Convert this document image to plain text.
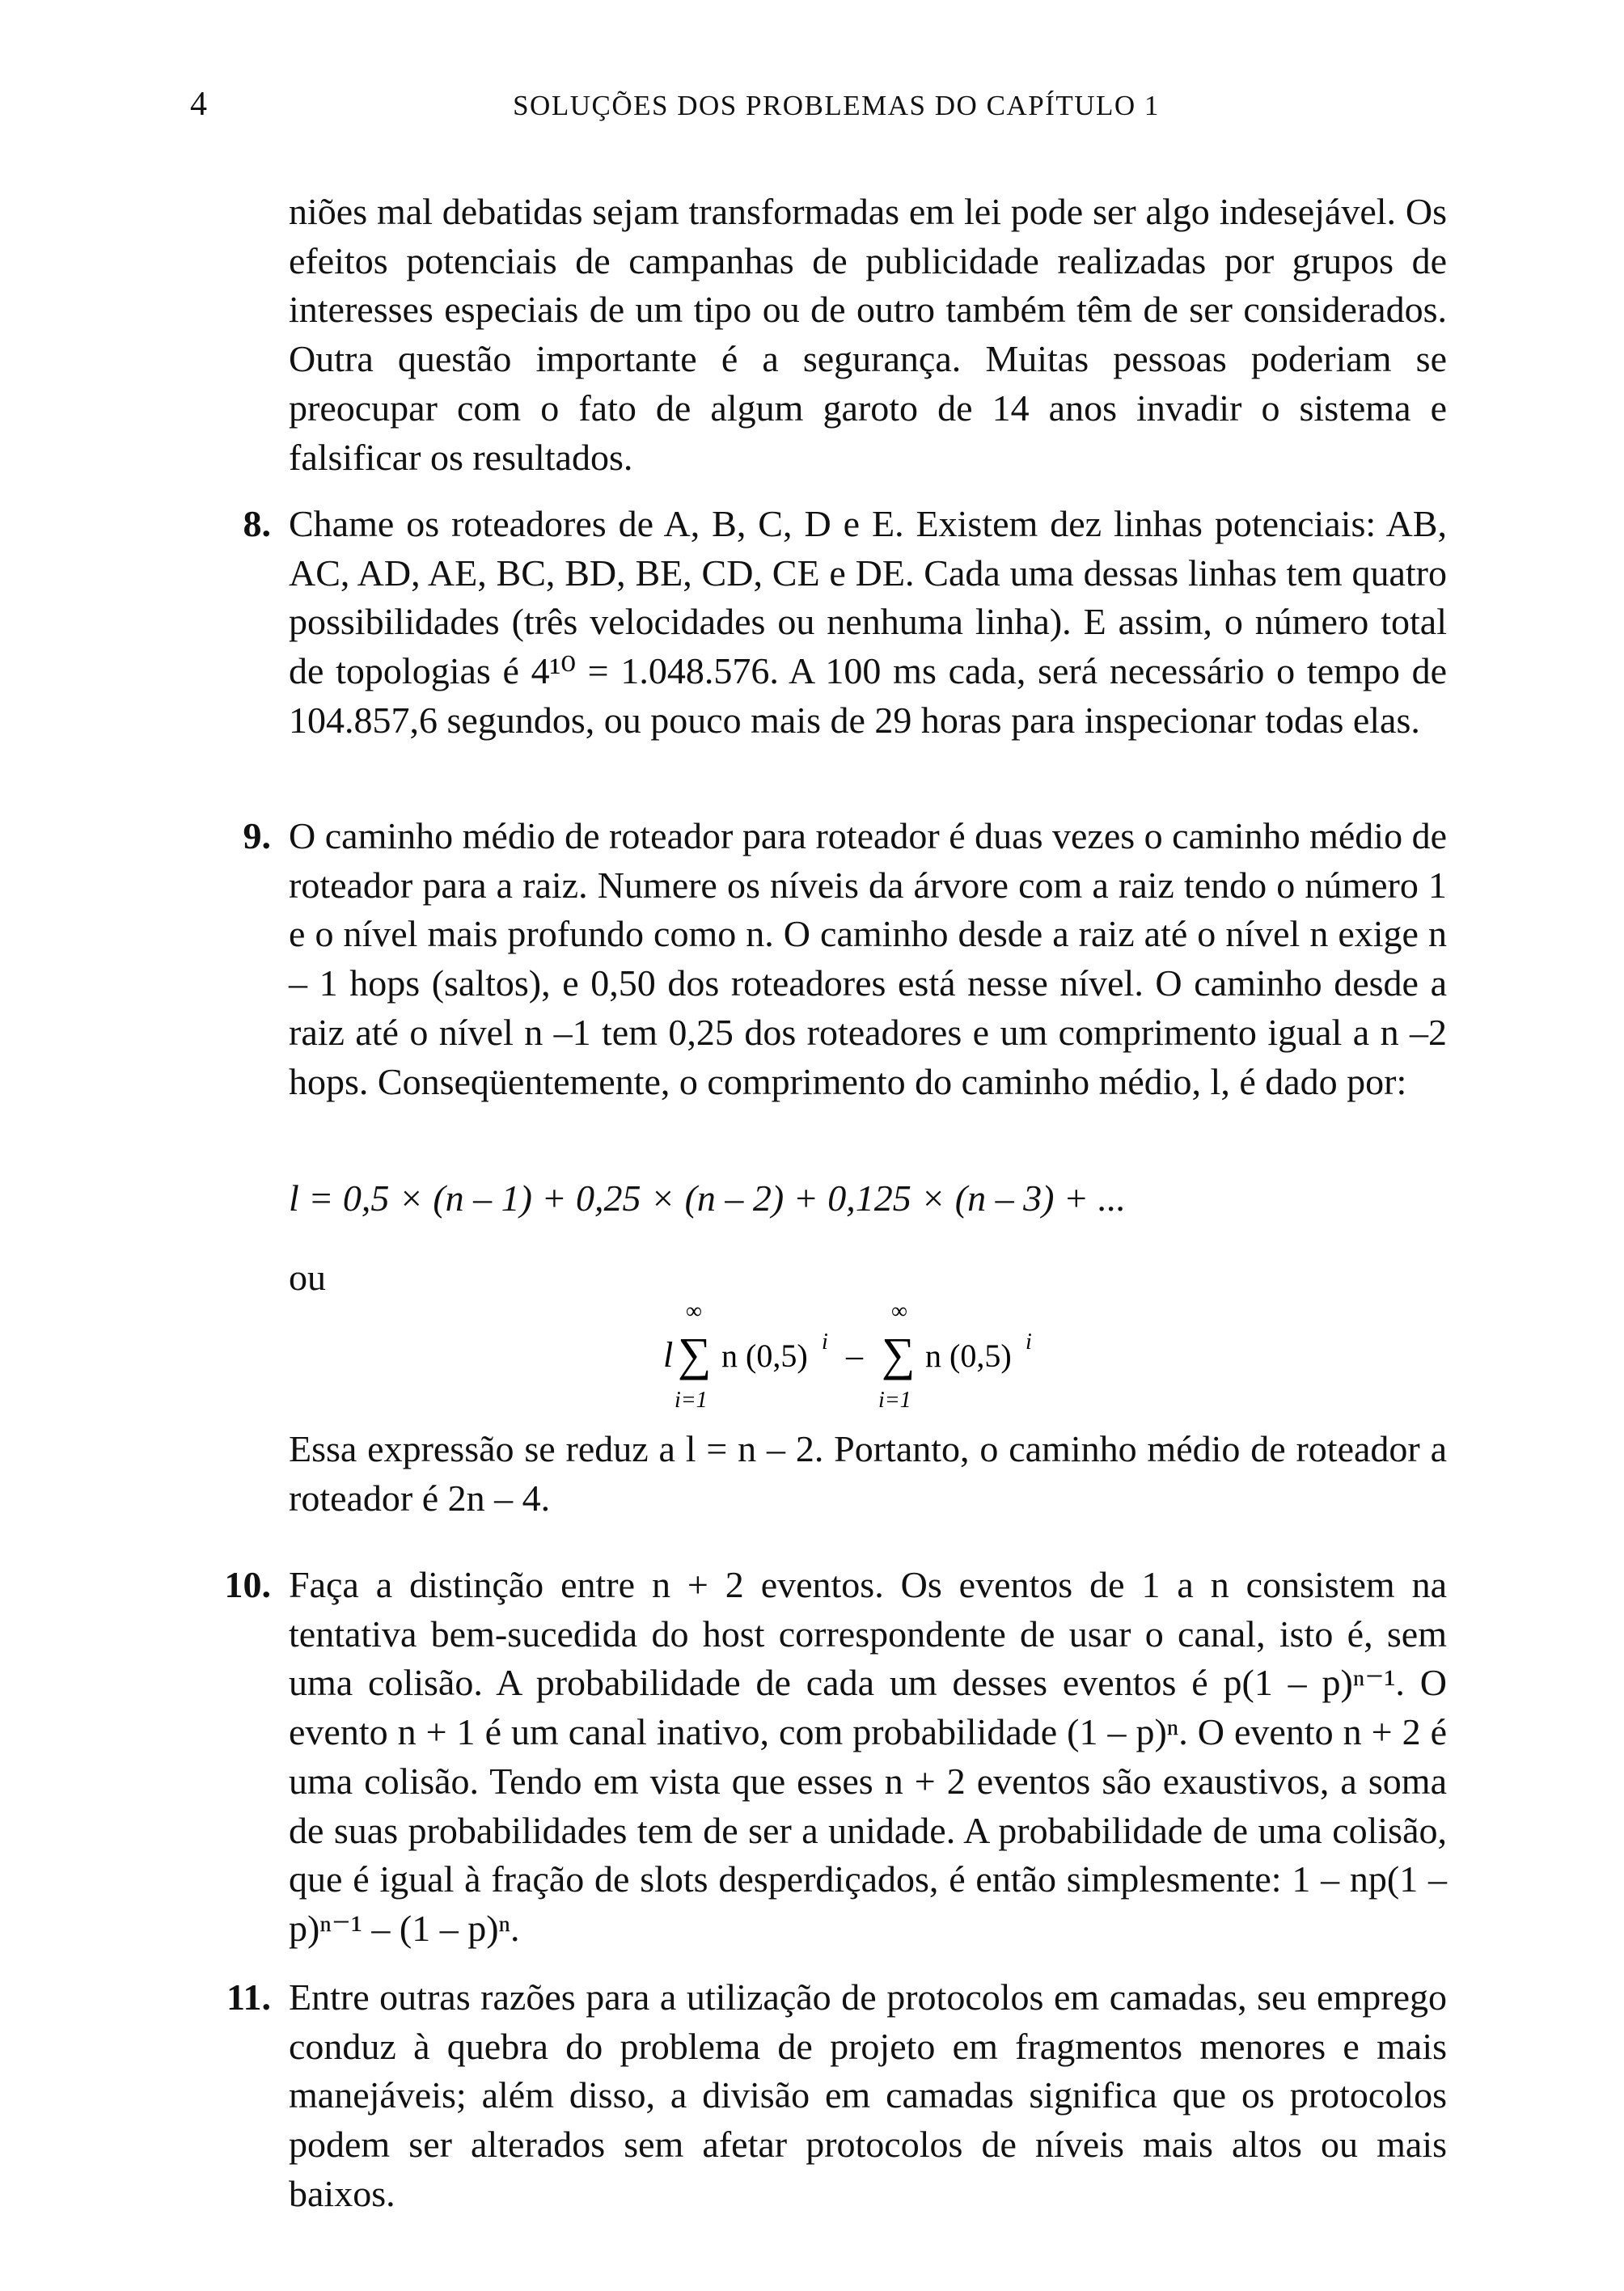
4	SOLUÇÕES DOS PROBLEMAS DO CAPÍTULO 1
niões mal debatidas sejam transformadas em lei pode ser algo indesejável. Os efeitos potenciais de campanhas de publicidade realizadas por grupos de interesses especiais de um tipo ou de outro também têm de ser considerados. Outra questão importante é a segurança. Muitas pessoas poderiam se preocupar com o fato de algum garoto de 14 anos invadir o sistema e falsificar os resultados.
8. Chame os roteadores de A, B, C, D e E. Existem dez linhas potenciais: AB, AC, AD, AE, BC, BD, BE, CD, CE e DE. Cada uma dessas linhas tem quatro possibilidades (três velocidades ou nenhuma linha). E assim, o número total de topologias é 4¹⁰ = 1.048.576. A 100 ms cada, será necessário o tempo de 104.857,6 segundos, ou pouco mais de 29 horas para inspecionar todas elas.
9. O caminho médio de roteador para roteador é duas vezes o caminho médio de roteador para a raiz. Numere os níveis da árvore com a raiz tendo o número 1 e o nível mais profundo como n. O caminho desde a raiz até o nível n exige n – 1 hops (saltos), e 0,50 dos roteadores está nesse nível. O caminho desde a raiz até o nível n –1 tem 0,25 dos roteadores e um comprimento igual a n –2 hops. Conseqüentemente, o comprimento do caminho médio, l, é dado por:
l = 0,5 × (n – 1) + 0,25 × (n – 2) + 0,125 × (n – 3) + ...
ou
l
∞
∑
i=1
n (0,5) i –
∞
∑
i=1
n (0,5) i
Essa expressão se reduz a l = n – 2. Portanto, o caminho médio de roteador a roteador é 2n – 4.
10. Faça a distinção entre n + 2 eventos. Os eventos de 1 a n consistem na tentativa bem-sucedida do host correspondente de usar o canal, isto é, sem uma colisão. A probabilidade de cada um desses eventos é p(1 – p)ⁿ⁻¹. O evento n + 1 é um canal inativo, com probabilidade (1 – p)ⁿ. O evento n + 2 é uma colisão. Tendo em vista que esses n + 2 eventos são exaustivos, a soma de suas probabilidades tem de ser a unidade. A probabilidade de uma colisão, que é igual à fração de slots desperdiçados, é então simplesmente: 1 – np(1 – p)ⁿ⁻¹ – (1 – p)ⁿ.
11. Entre outras razões para a utilização de protocolos em camadas, seu emprego conduz à quebra do problema de projeto em fragmentos menores e mais manejáveis; além disso, a divisão em camadas significa que os protocolos podem ser alterados sem afetar protocolos de níveis mais altos ou mais baixos.
